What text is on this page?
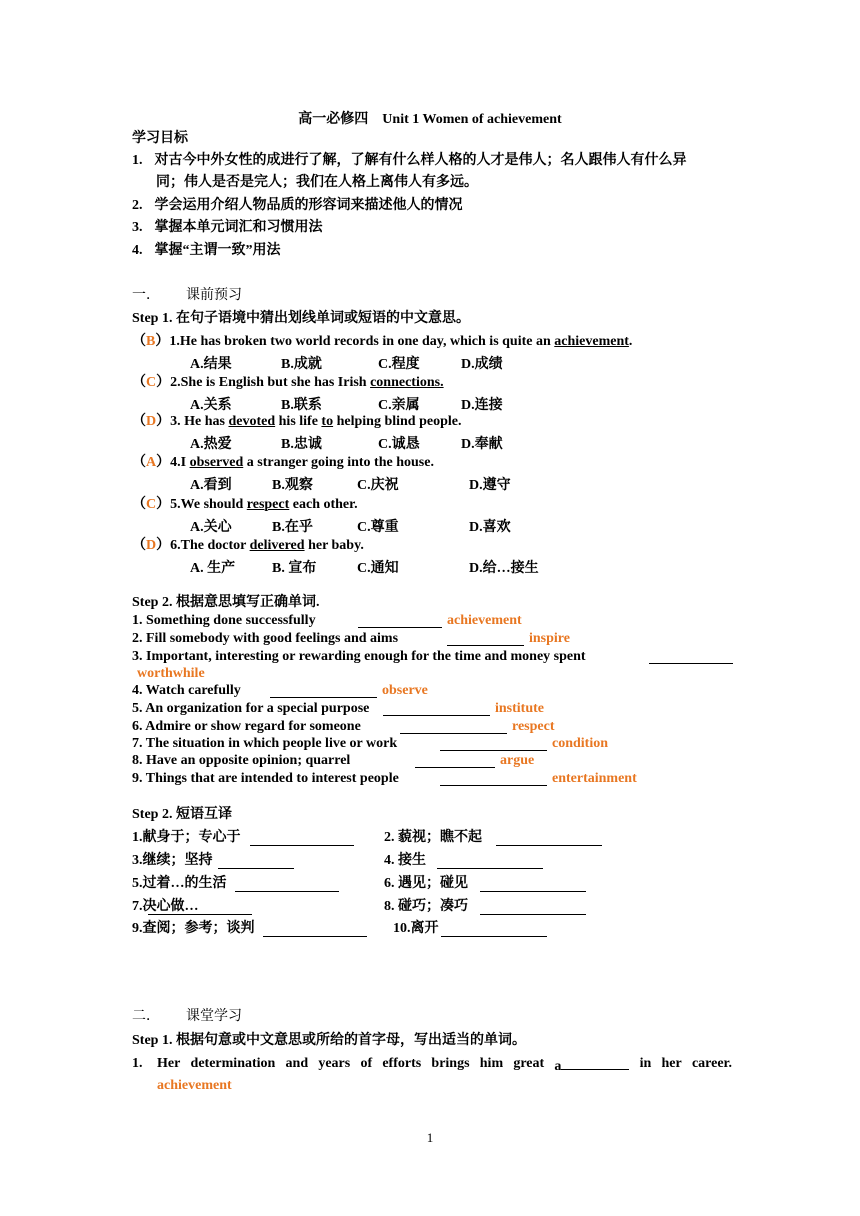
高一必修四　Unit 1 Women of achievement
学习目标
1. 对古今中外女性的成进行了解，了解有什么样人格的人才是伟人；名人跟伟人有什么异
同；伟人是否是完人；我们在人格上离伟人有多远。
2. 学会运用介绍人物品质的形容词来描述他人的情况
3. 掌握本单元词汇和习惯用法
4. 掌握“主谓一致”用法
一． 课前预习
Step 1. 在句子语境中猜出划线单词或短语的中文意思。
（B）1.He has broken two world records in one day, which is quite an achievement.
A.结果	B.成就	C.程度	D.成绩
（C）2.She is English but she has Irish connections.
A.关系	B.联系	C.亲属	D.连接
（D）3. He has devoted his life to helping blind people.
A.热爱	B.忠诚	C.诚恳	D.奉献
（A）4.I observed a stranger going into the house.
A.看到	B.观察	C.庆祝	D.遵守
（C）5.We should respect each other.
A.关心	B.在乎	C.尊重	D.喜欢
（D）6.The doctor delivered her baby.
A. 生产	B. 宣布	C.通知	D.给…接生
Step 2. 根据意思填写正确单词.
1. Something done successfully	achievement
2. Fill somebody with good feelings and aims	inspire
3. Important, interesting or rewarding enough for the time and money spent
worthwhile
4. Watch carefully	observe
5. An organization for a special purpose	institute
6. Admire or show regard for someone	respect
7. The situation in which people live or work	condition
8. Have an opposite opinion; quarrel	argue
9. Things that are intended to interest people	entertainment
Step 2. 短语互译
1.献身于；专心于	2. 藐视；瞧不起
3.继续；坚持	4. 接生
5.过着…的生活	6. 遇见；碰见
7.决心做…	8. 碰巧；凑巧
9.查阅；参考；谈判	10.离开
二． 课堂学习
Step 1. 根据句意或中文意思或所给的首字母，写出适当的单词。
1. Her determination and years of efforts brings him great a	in her career.
achievement
1
